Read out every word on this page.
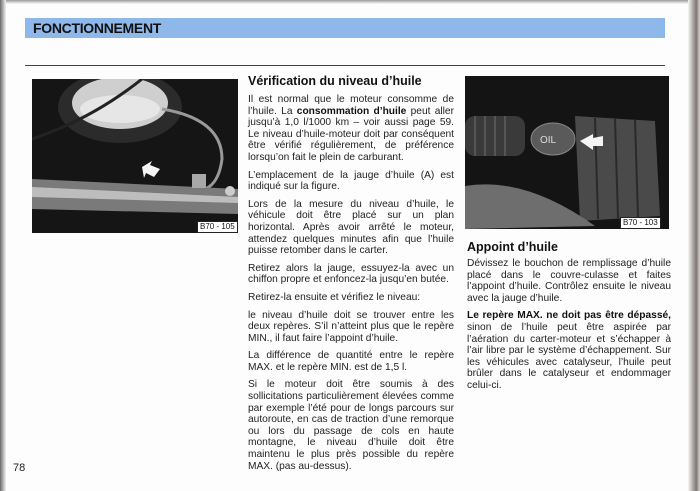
FONCTIONNEMENT
B70 - 105
Vérification du niveau d’huile

Il est normal que le moteur consomme de l’huile. La consommation d’huile peut aller jusqu’à 1,0 l/1000 km – voir aussi page 59. Le niveau d’huile-moteur doit par conséquent être vérifié régulièrement, de préférence lorsqu’on fait le plein de carburant.

L’emplacement de la jauge d’huile (A) est indiqué sur la figure.

Lors de la mesure du niveau d’huile, le véhicule doit être placé sur un plan horizontal. Après avoir arrêté le moteur, attendez quelques minutes afin que l’huile puisse retomber dans le carter.

Retirez alors la jauge, essuyez-la avec un chiffon propre et enfoncez-la jusqu’en butée.

Retirez-la ensuite et vérifiez le niveau:

le niveau d’huile doit se trouver entre les deux repères. S’il n’atteint plus que le repère MIN., il faut faire l’appoint d’huile.

La différence de quantité entre le repère MAX. et le repère MIN. est de 1,5 l.

Si le moteur doit être soumis à des sollicitations particulièrement élevées comme par exemple l’été pour de longs parcours sur autoroute, en cas de traction d’une remorque ou lors du passage de cols en haute montagne, le niveau d’huile doit être maintenu le plus près possible du repère MAX. (pas au-dessus).

OIL
B70 - 103
Appoint d’huile

Dévissez le bouchon de remplissage d’huile placé dans le couvre-culasse et faites l’appoint d’huile. Contrôlez ensuite le niveau avec la jauge d’huile.

Le repère MAX. ne doit pas être dépassé, sinon de l’huile peut être aspirée par l’aération du carter-moteur et s’échapper à l’air libre par le système d’échappement. Sur les véhicules avec catalyseur, l’huile peut brûler dans le catalyseur et endommager celui-ci.

78
